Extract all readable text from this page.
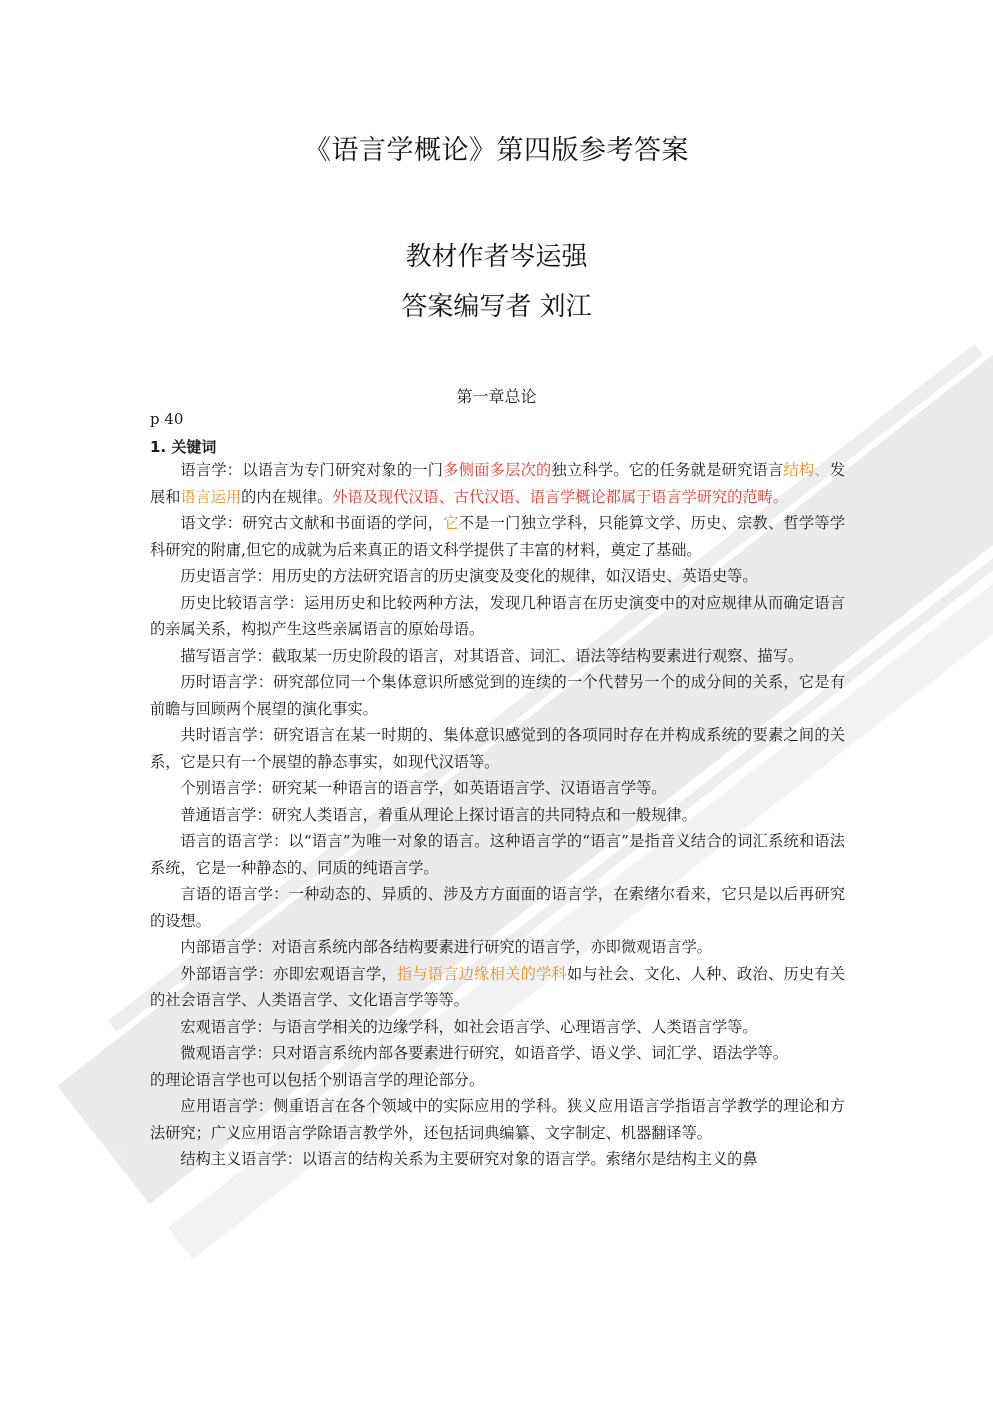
《语言学概论》第四版参考答案
教材作者岑运强
答案编写者 刘江
第一章总论
p 40
1. 关键词

语言学：以语言为专门研究对象的一门多侧面多层次的独立科学。它的任务就是研究语言结构、发展和语言运用的内在规律。外语及现代汉语、古代汉语、语言学概论都属于语言学研究的范畴。

语文学：研究古文献和书面语的学问，它不是一门独立学科，只能算文学、历史、宗教、哲学等学科研究的附庸,但它的成就为后来真正的语文科学提供了丰富的材料，奠定了基础。

历史语言学：用历史的方法研究语言的历史演变及变化的规律，如汉语史、英语史等。

历史比较语言学：运用历史和比较两种方法，发现几种语言在历史演变中的对应规律从而确定语言的亲属关系，构拟产生这些亲属语言的原始母语。

描写语言学：截取某一历史阶段的语言，对其语音、词汇、语法等结构要素进行观察、描写。

历时语言学：研究部位同一个集体意识所感觉到的连续的一个代替另一个的成分间的关系，它是有前瞻与回顾两个展望的演化事实。

共时语言学：研究语言在某一时期的、集体意识感觉到的各项同时存在并构成系统的要素之间的关系，它是只有一个展望的静态事实，如现代汉语等。

个别语言学：研究某一种语言的语言学，如英语语言学、汉语语言学等。

普通语言学：研究人类语言，着重从理论上探讨语言的共同特点和一般规律。

语言的语言学：以“语言”为唯一对象的语言。这种语言学的“语言”是指音义结合的词汇系统和语法系统，它是一种静态的、同质的纯语言学。

言语的语言学：一种动态的、异质的、涉及方方面面的语言学，在索绪尔看来，它只是以后再研究的设想。

内部语言学：对语言系统内部各结构要素进行研究的语言学，亦即微观语言学。

外部语言学：亦即宏观语言学，指与语言边缘相关的学科如与社会、文化、人种、政治、历史有关的社会语言学、人类语言学、文化语言学等等。

宏观语言学：与语言学相关的边缘学科，如社会语言学、心理语言学、人类语言学等。

微观语言学：只对语言系统内部各要素进行研究，如语音学、语义学、词汇学、语法学等。

的理论语言学也可以包括个别语言学的理论部分。

应用语言学：侧重语言在各个领域中的实际应用的学科。狭义应用语言学指语言学教学的理论和方法研究；广义应用语言学除语言教学外，还包括词典编纂、文字制定、机器翻译等。

结构主义语言学：以语言的结构关系为主要研究对象的语言学。索绪尔是结构主义的鼻
